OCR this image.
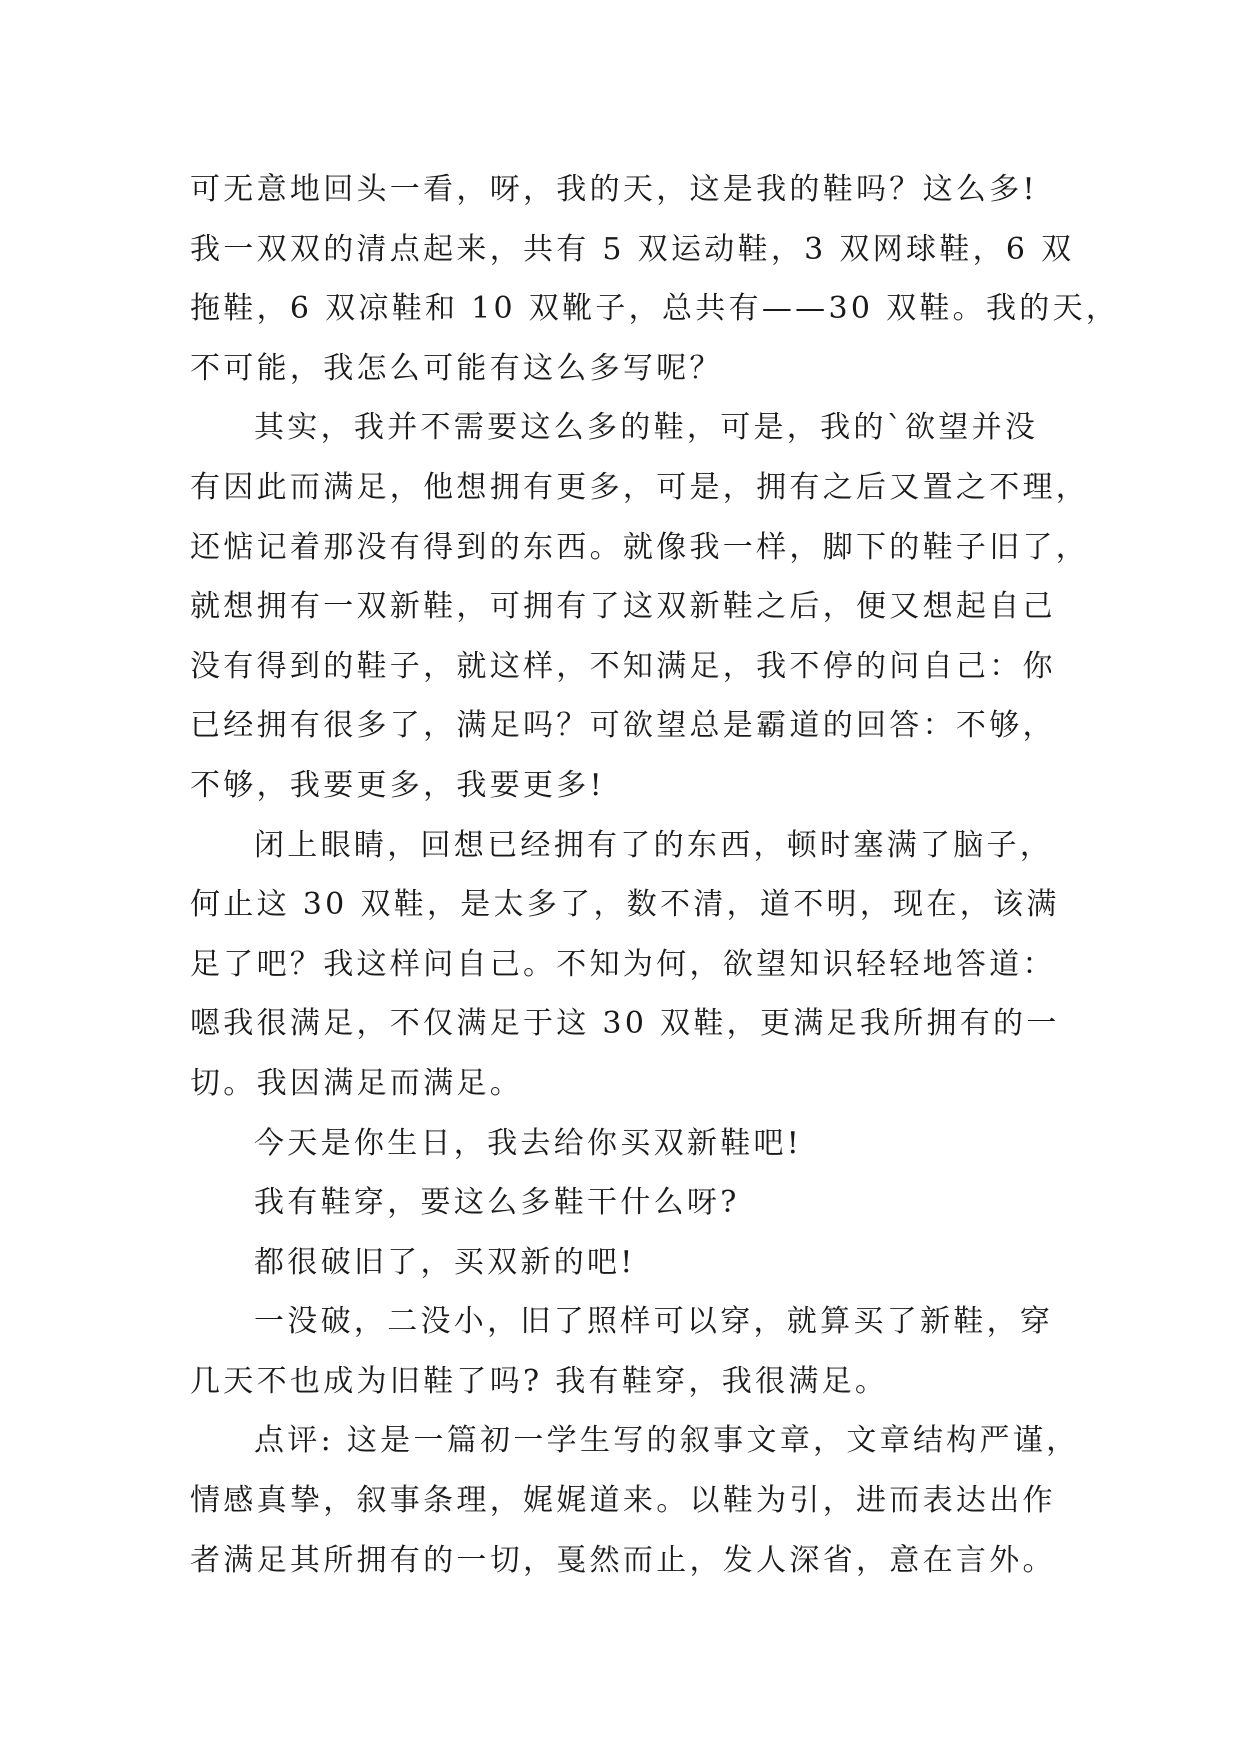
可无意地回头一看，呀，我的天，这是我的鞋吗？这么多!
我一双双的清点起来，共有 5 双运动鞋，3 双网球鞋，6 双
拖鞋，6 双凉鞋和 10 双靴子，总共有——30 双鞋。我的天，
不可能，我怎么可能有这么多写呢？
其实，我并不需要这么多的鞋，可是，我的`欲望并没
有因此而满足，他想拥有更多，可是，拥有之后又置之不理，
还惦记着那没有得到的东西。就像我一样，脚下的鞋子旧了，
就想拥有一双新鞋，可拥有了这双新鞋之后，便又想起自己
没有得到的鞋子，就这样，不知满足，我不停的问自己：你
已经拥有很多了，满足吗？可欲望总是霸道的回答：不够，
不够，我要更多，我要更多!
闭上眼睛，回想已经拥有了的东西，顿时塞满了脑子，
何止这 30 双鞋，是太多了，数不清，道不明，现在，该满
足了吧？我这样问自己。不知为何，欲望知识轻轻地答道：
嗯我很满足，不仅满足于这 30 双鞋，更满足我所拥有的一
切。我因满足而满足。
今天是你生日，我去给你买双新鞋吧!
我有鞋穿，要这么多鞋干什么呀?
都很破旧了，买双新的吧!
一没破，二没小，旧了照样可以穿，就算买了新鞋，穿
几天不也成为旧鞋了吗? 我有鞋穿，我很满足。
点评: 这是一篇初一学生写的叙事文章，文章结构严谨，
情感真挚，叙事条理，娓娓道来。以鞋为引，进而表达出作
者满足其所拥有的一切，戛然而止，发人深省，意在言外。
